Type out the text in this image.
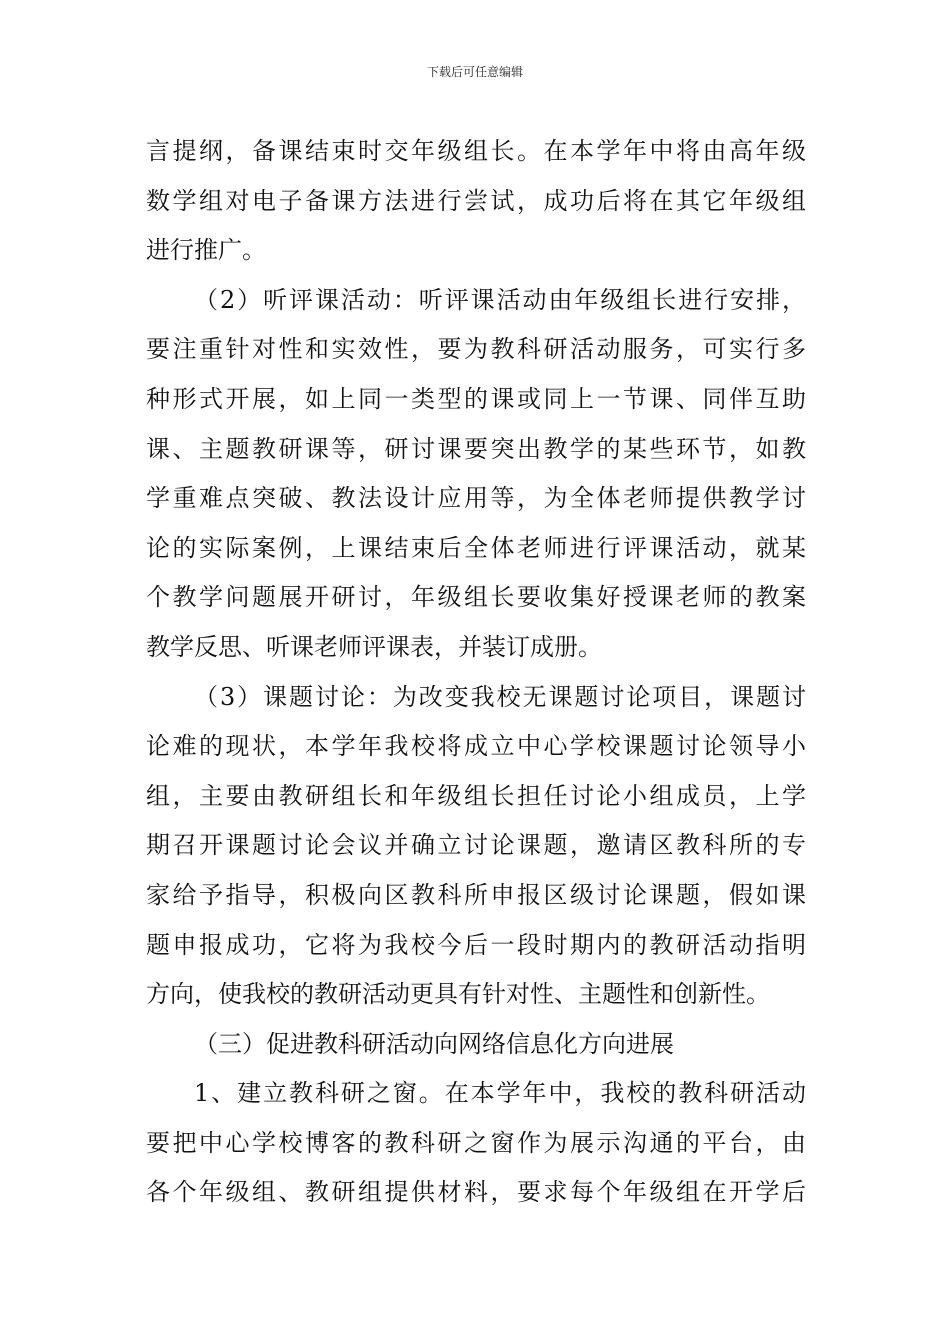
下载后可任意编辑
言提纲，备课结束时交年级组长。在本学年中将由高年级
数学组对电子备课方法进行尝试，成功后将在其它年级组
进行推广。
（2）听评课活动：听评课活动由年级组长进行安排，
要注重针对性和实效性，要为教科研活动服务，可实行多
种形式开展，如上同一类型的课或同上一节课、同伴互助
课、主题教研课等，研讨课要突出教学的某些环节，如教
学重难点突破、教法设计应用等，为全体老师提供教学讨
论的实际案例，上课结束后全体老师进行评课活动，就某
个教学问题展开研讨，年级组长要收集好授课老师的教案
教学反思、听课老师评课表，并装订成册。
（3）课题讨论：为改变我校无课题讨论项目，课题讨
论难的现状，本学年我校将成立中心学校课题讨论领导小
组，主要由教研组长和年级组长担任讨论小组成员，上学
期召开课题讨论会议并确立讨论课题，邀请区教科所的专
家给予指导，积极向区教科所申报区级讨论课题，假如课
题申报成功，它将为我校今后一段时期内的教研活动指明
方向，使我校的教研活动更具有针对性、主题性和创新性。
（三）促进教科研活动向网络信息化方向进展
1、建立教科研之窗。在本学年中，我校的教科研活动
要把中心学校博客的教科研之窗作为展示沟通的平台，由
各个年级组、教研组提供材料，要求每个年级组在开学后
